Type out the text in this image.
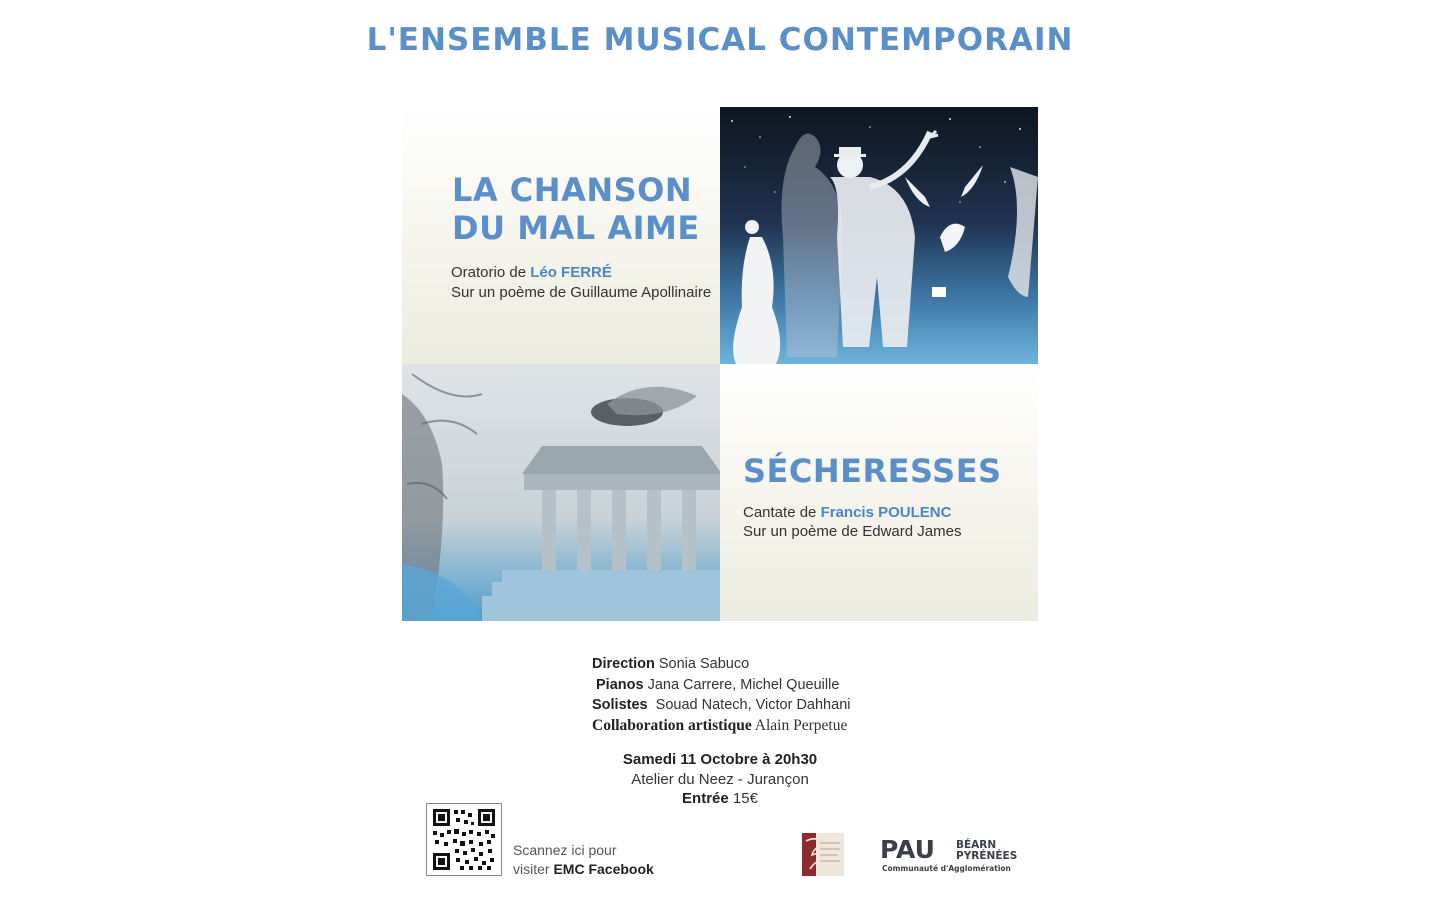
L'ENSEMBLE MUSICAL CONTEMPORAIN
LA CHANSON
DU MAL AIME
Oratorio de Léo FERRÉ
Sur un poème de Guillaume Apollinaire
SÉCHERESSES
Cantate de Francis POULENC
Sur un poème de Edward James
Direction Sonia Sabuco
Pianos Jana Carrere, Michel Queuille
Solistes Souad Natech, Victor Dahhani
Collaboration artistique Alain Perpetue
Samedi 11 Octobre à 20h30
Atelier du Neez - Jurançon
Entrée 15€
Scannez ici pour
visiter EMC Facebook
PAU BÉARN
PYRÉNÉES
Communauté d'Agglomération
